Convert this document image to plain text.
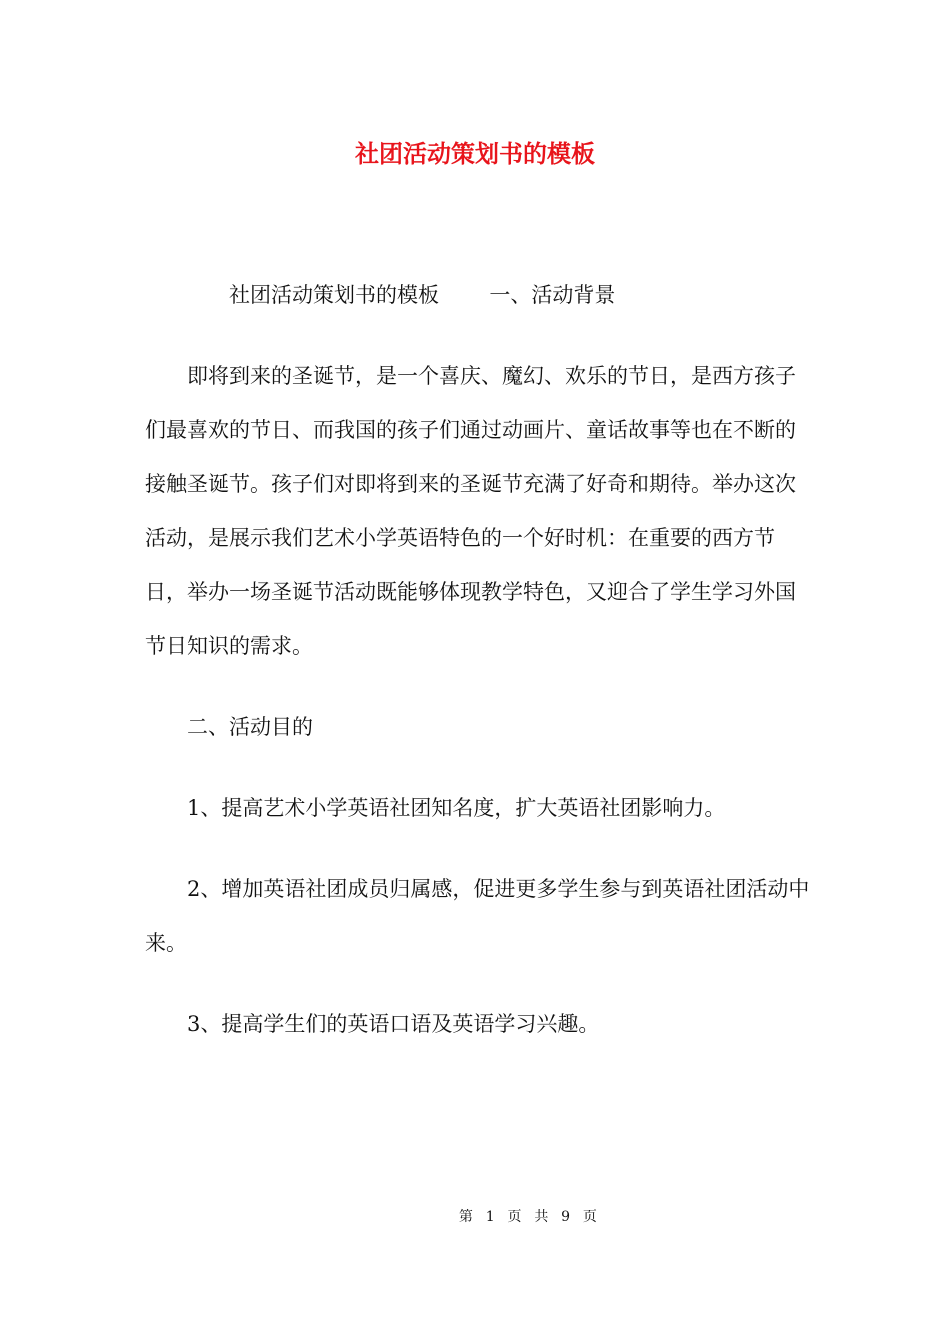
社团活动策划书的模板

社团活动策划书的模板 一、活动背景

即将到来的圣诞节，是一个喜庆、魔幻、欢乐的节日，是西方孩子们最喜欢的节日、而我国的孩子们通过动画片、童话故事等也在不断的接触圣诞节。孩子们对即将到来的圣诞节充满了好奇和期待。举办这次活动，是展示我们艺术小学英语特色的一个好时机：在重要的西方节日，举办一场圣诞节活动既能够体现教学特色，又迎合了学生学习外国节日知识的需求。

二、活动目的

1、提高艺术小学英语社团知名度，扩大英语社团影响力。

2、增加英语社团成员归属感，促进更多学生参与到英语社团活动中来。

3、提高学生们的英语口语及英语学习兴趣。

第 1 页 共 9 页
